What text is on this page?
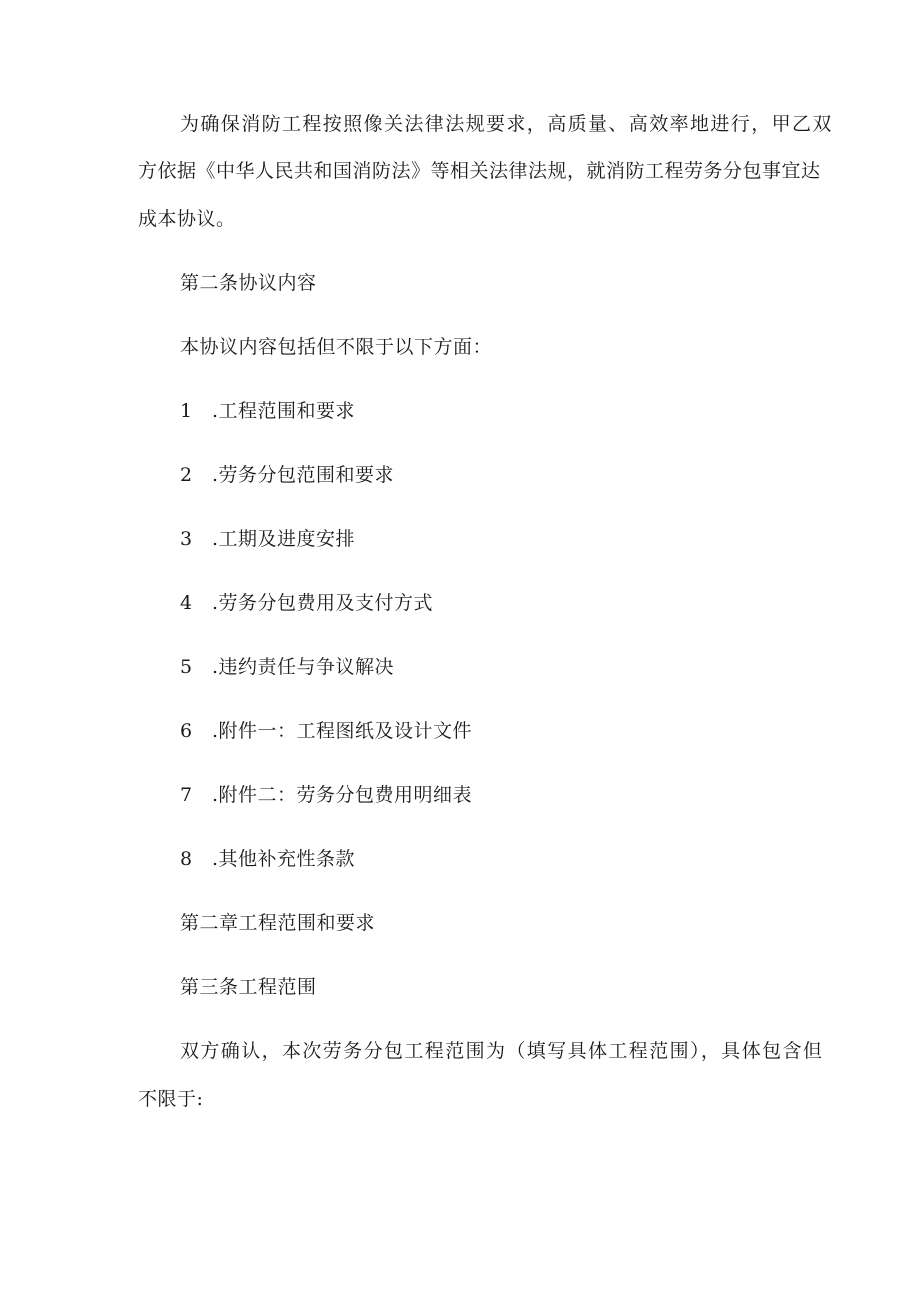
为确保消防工程按照像关法律法规要求，高质量、高效率地进行，甲乙双
方依据《中华人民共和国消防法》等相关法律法规，就消防工程劳务分包事宜达
成本协议。
第二条协议内容
本协议内容包括但不限于以下方面：
1 .工程范围和要求
2 .劳务分包范围和要求
3 .工期及进度安排
4 .劳务分包费用及支付方式
5 .违约责任与争议解决
6 .附件一：工程图纸及设计文件
7 .附件二：劳务分包费用明细表
8 .其他补充性条款
第二章工程范围和要求
第三条工程范围
双方确认，本次劳务分包工程范围为（填写具体工程范围），具体包含但
不限于:
